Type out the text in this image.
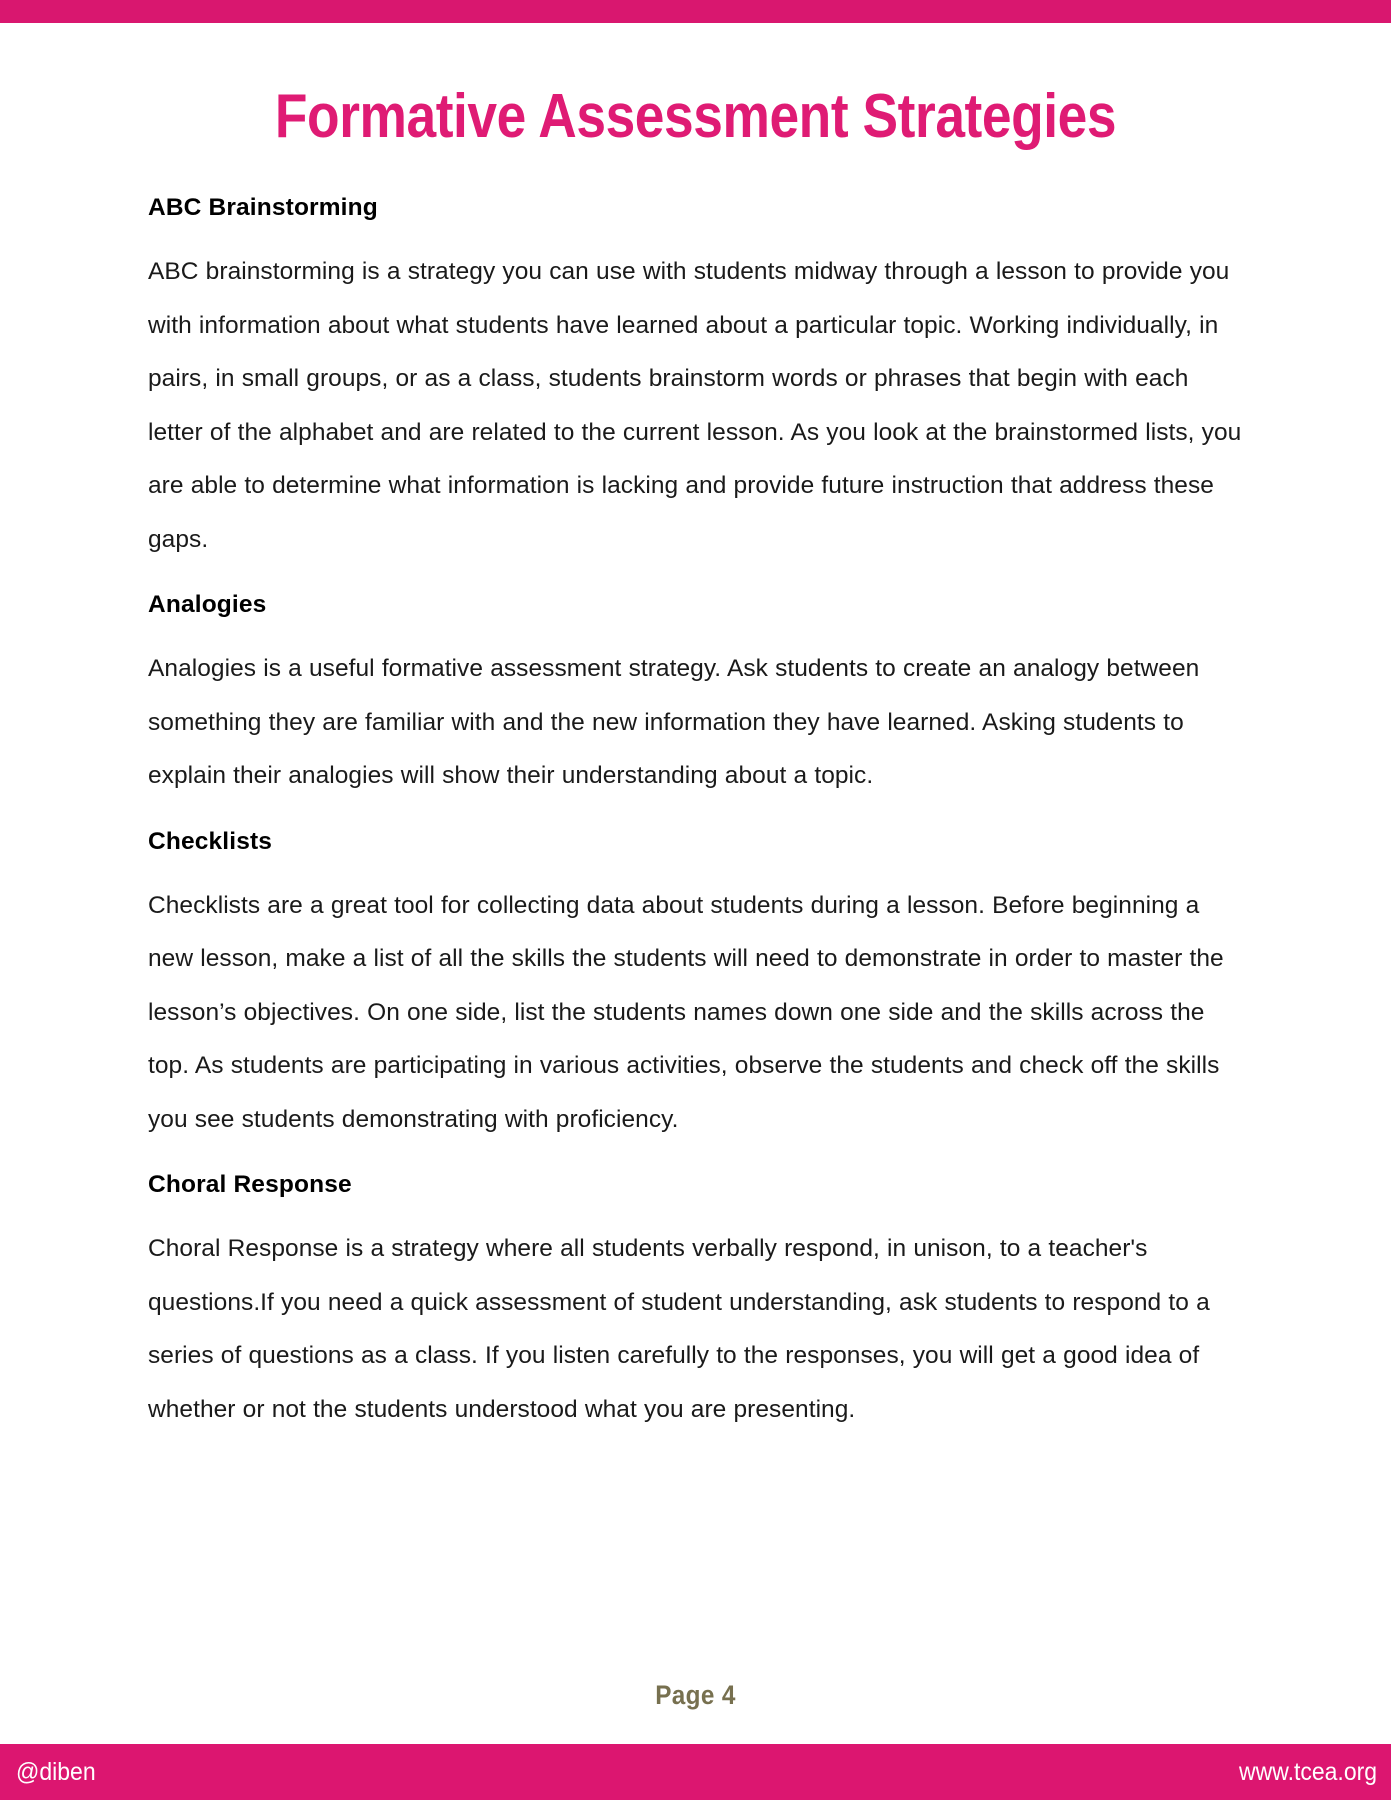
Formative Assessment Strategies
ABC Brainstorming

ABC brainstorming is a strategy you can use with students midway through a lesson to provide you with information about what students have learned about a particular topic. Working individually, in pairs, in small groups, or as a class, students brainstorm words or phrases that begin with each letter of the alphabet and are related to the current lesson. As you look at the brainstormed lists, you are able to determine what information is lacking and provide future instruction that address these gaps.

Analogies

Analogies is a useful formative assessment strategy. Ask students to create an analogy between something they are familiar with and the new information they have learned. Asking students to explain their analogies will show their understanding about a topic.

Checklists

Checklists are a great tool for collecting data about students during a lesson. Before beginning a new lesson, make a list of all the skills the students will need to demonstrate in order to master the lesson’s objectives. On one side, list the students names down one side and the skills across the top. As students are participating in various activities, observe the students and check off the skills you see students demonstrating with proficiency.

Choral Response

Choral Response is a strategy where all students verbally respond, in unison, to a teacher's questions.If you need a quick assessment of student understanding, ask students to respond to a series of questions as a class. If you listen carefully to the responses, you will get a good idea of whether or not the students understood what you are presenting.

Page 4
@diben	www.tcea.org
